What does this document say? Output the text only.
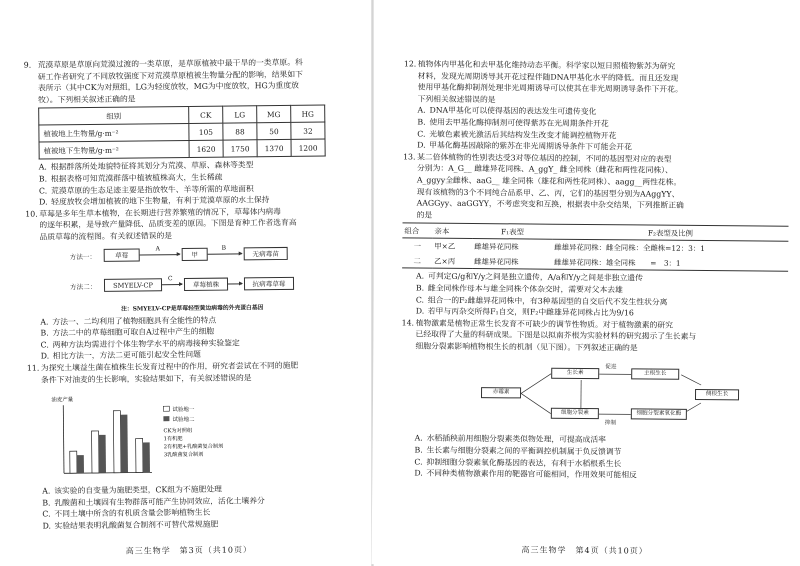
9. 荒漠草原是草原向荒漠过渡的一类草原，是草原植被中最干旱的一类草原。科

研工作者研究了不同放牧强度下对荒漠草原植被生物量分配的影响，结果如下

表所示（其中CK为对照组，LG为轻度放牧，MG为中度放牧，HG为重度放

牧）。下列相关叙述正确的是

组别	CK	LG	MG	HG
植被地上生物量/g·m⁻²	105	88	50	32
植被地下生物量/g·m⁻²	1620	1750	1370	1200
A. 根据群落所处地貌特征将其划分为荒漠、草原、森林等类型
B. 根据表格可知荒漠群落中植被植株高大，生长稀疏
C. 荒漠草原的生态足迹主要是指放牧牛、羊等所需的草地面积
D. 轻度放牧会增加植被的地下生物量，有利于荒漠草原的水土保持

10.草莓是多年生草本植物，在长期进行营养繁殖的情况下，草莓体内病毒

的逐年积累，是导致产量降低、品质变差的原因。下图是育种工作者选育高

品质草莓的流程图。有关叙述错误的是

方法一：	草莓
A
甲
B
无病毒苗
方法二：	SMYELV-CP
C
草莓植株	抗病毒草莓
注：SMYELV-CP是草莓轻型黄边病毒的外壳蛋白基因
A. 方法一、二均利用了植物细胞具有全能性的特点
B. 方法二中的草莓细胞可取自A过程中产生的细胞
C. 两种方法均需进行个体生物学水平的病毒接种实验鉴定
D. 相比方法一，方法二更可能引起安全性问题

11.为探究土壤益生菌在植株生长发育过程中的作用，研究者尝试在不同的施肥

条件下对油麦的生长影响，实验结果如下，有关叙述错误的是

油麦产量
试验地一
试验地二
CK为对照组
1有机肥
2有机肥+乳酸菌复合制剂
3乳酸菌复合制剂
A. 该实验的自变量为施肥类型，CK组为不施肥处理
B. 乳酸菌和土壤固有生物群落可能产生协同效应，活化土壤养分
C. 不同土壤中所含的有机质含量会影响植物生长
D. 实验结果表明乳酸菌复合制剂不可替代常规施肥
高三生物学　第3页（共10页）

12. 植物体内甲基化和去甲基化维持动态平衡。科学家以短日照植物紫苏为研究

材料，发现光周期诱导其开花过程伴随DNA甲基化水平的降低。而且还发现

使用甲基化酶抑制剂处理非光周期诱导可以使其在非光周期诱导条件下开花。

下列相关叙述错误的是

A. DNA甲基化可以使得基因的表达发生可遗传变化
B. 使用去甲基化酶抑制剂可使得紫苏在光周期条件开花
C. 光敏色素被光激活后其结构发生改变才能调控植物开花
D. 甲基化酶基因敲除的紫苏在非光周期诱导条件下可能会开花

13. 某二倍体植物的性别表达受3对等位基因的控制，不同的基因型对应的表型

分别为：A_G__ 雌雄异花同株、A_ggY_ 雌全同株（雌花和两性花同株）、

A_ggyy全雌株、aaG__ 雄全同株（雄花和两性花同株）、aagg__两性花株。

现有该植物的3个不同纯合品系甲、乙、丙，它们的基因型分别为AAggYY、

AAGGyy、aaGGYY，不考虑突变和互换，根据表中杂交结果，下列推断正确

的是

组合	亲本	F₁表型	F₂表型及比例
一	甲×乙	雌雄异花同株	雌雄异花同株：雌全同株：全雌株=12：3：1
二	乙×丙	雌雄异花同株	雌雄异花同株：雄全同株　　=　3：1
A. 可判定G/g和Y/y之间是独立遗传，A/a和Y/y之间是非独立遗传
B. 雌全同株作母本与雄全同株个体杂交时，需要对父本去雄
C. 组合一的F₂雌雄异花同株中，有3种基因型的自交后代不发生性状分离
D. 若甲与丙杂交所得F₁自交，则F₂中雌雄异花同株占比为9/16

14. 植物激素是植物正常生长发育不可缺少的调节性物质。对于植物激素的研究

已经取得了大量的科研成果。下图是以拟南芥根为实验材料的研究揭示了生长素与

细胞分裂素影响植物根生长的机制（见下图）。下列叙述正确的是

赤霉素
生长素
细胞分裂素	细胞分裂素氧化酶
主根生长
侧根生长
促进
抑制
A. 水稻插秧前用细胞分裂素类似物处理，可提高成活率
B. 生长素与细胞分裂素之间的平衡调控机制属于负反馈调节
C. 抑制细胞分裂素氧化酶基因的表达，有利于水稻根系生长
D. 不同种类植物激素作用的靶器官可能相同，作用效果可能相反
高三生物学　第4页（共10页）
